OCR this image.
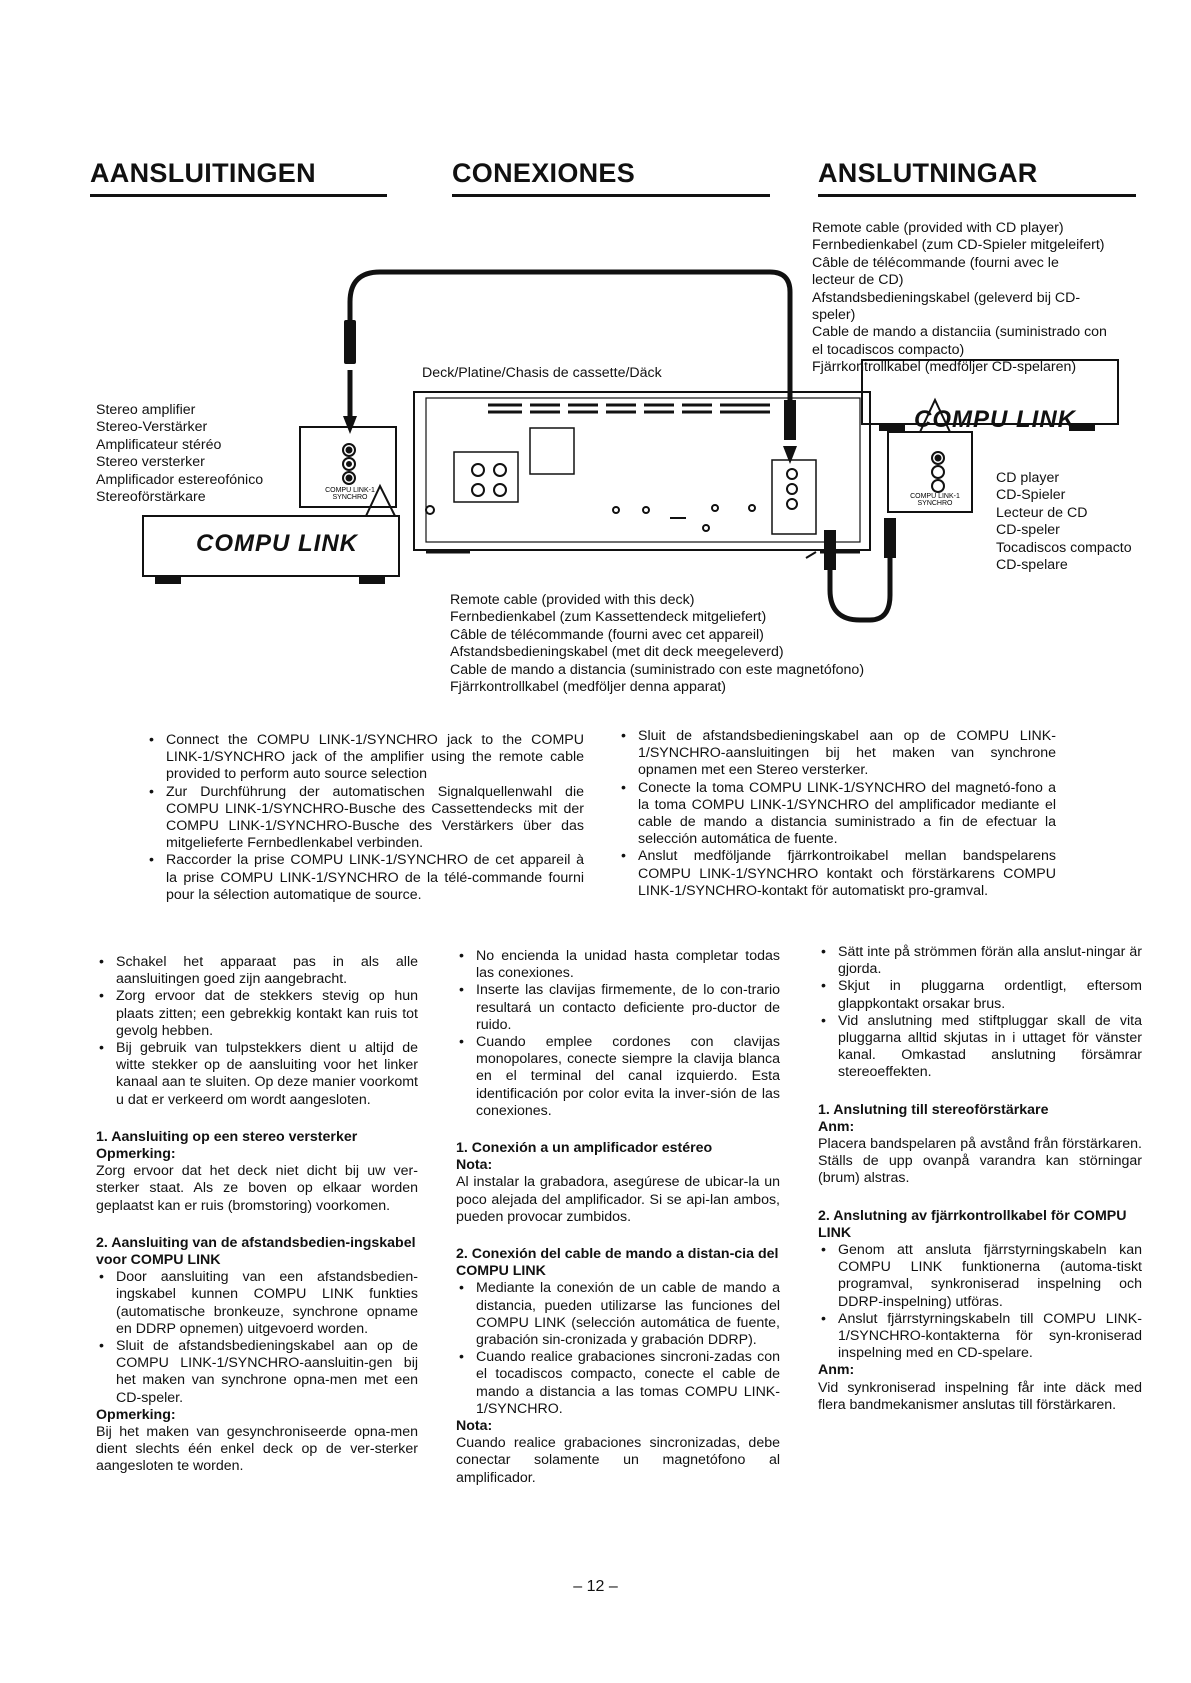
AANSLUITINGEN	CONEXIONES	ANSLUTNINGAR
COMPU LINK-1
SYNCHRO	COMPU LINK-1
SYNCHRO
COMPU LINK
COMPU LINK
Remote cable (provided with CD player)
Fernbedienkabel (zum CD-Spieler mitgeleifert)
Câble de télécommande (fourni avec le
lecteur de CD)
Afstandsbedieningskabel (geleverd bij CD-
speler)
Cable de mando a distanciia (suministrado con
el tocadiscos compacto)
Fjärrkontrollkabel (medföljer CD-spelaren)
Deck/Platine/Chasis de cassette/Däck
Stereo amplifier
Stereo-Verstärker
Amplificateur stéréo
Stereo versterker
Amplificador estereofónico
Stereoförstärkare
CD player
CD-Spieler
Lecteur de CD
CD-speler
Tocadiscos compacto
CD-spelare
Remote cable (provided with this deck)
Fernbedienkabel (zum Kassettendeck mitgeliefert)
Câble de télécommande (fourni avec cet appareil)
Afstandsbedieningskabel (met dit deck meegeleverd)
Cable de mando a distancia (suministrado con este magnetófono)
Fjärrkontrollkabel (medföljer denna apparat)
• Connect the COMPU LINK-1/SYNCHRO jack to the COMPU LINK-1/SYNCHRO jack of the amplifier using the remote cable provided to perform auto source selection
• Zur Durchführung der automatischen Signalquellenwahl die COMPU LINK-1/SYNCHRO-Busche des Cassettendecks mit der COMPU LINK-1/SYNCHRO-Busche des Verstärkers über das mitgelieferte Fernbedlenkabel verbinden.
• Raccorder la prise COMPU LINK-1/SYNCHRO de cet appareil à la prise COMPU LINK-1/SYNCHRO de la télé-commande fourni pour la sélection automatique de source.
• Sluit de afstandsbedieningskabel aan op de COMPU LINK-1/SYNCHRO-aansluitingen bij het maken van synchrone opnamen met een Stereo versterker.
• Conecte la toma COMPU LINK-1/SYNCHRO del magnetó-fono a la toma COMPU LINK-1/SYNCHRO del amplificador mediante el cable de mando a distancia suministrado a fin de efectuar la selección automática de fuente.
• Anslut medföljande fjärrkontroikabel mellan bandspelarens COMPU LINK-1/SYNCHRO kontakt och förstärkarens COMPU LINK-1/SYNCHRO-kontakt för automatiskt pro-gramval.
• Schakel het apparaat pas in als alle aansluitingen goed zijn aangebracht.
• Zorg ervoor dat de stekkers stevig op hun plaats zitten; een gebrekkig kontakt kan ruis tot gevolg hebben.
• Bij gebruik van tulpstekkers dient u altijd de witte stekker op de aansluiting voor het linker kanaal aan te sluiten. Op deze manier voorkomt u dat er verkeerd om wordt aangesloten.
1. Aansluiting op een stereo versterker
Opmerking:

Zorg ervoor dat het deck niet dicht bij uw ver-sterker staat. Als ze boven op elkaar worden geplaatst kan er ruis (bromstoring) voorkomen.

2. Aansluiting van de afstandsbedien-ingskabel voor COMPU LINK
• Door aansluiting van een afstandsbedien-ingskabel kunnen COMPU LINK funkties (automatische bronkeuze, synchrone opname en DDRP opnemen) uitgevoerd worden.
• Sluit de afstandsbedieningskabel aan op de COMPU LINK-1/SYNCHRO-aansluitin-gen bij het maken van synchrone opna-men met een CD-speler.
Opmerking:

Bij het maken van gesynchroniseerde opna-men dient slechts één enkel deck op de ver-sterker aangesloten te worden.

• No encienda la unidad hasta completar todas las conexiones.
• Inserte las clavijas firmemente, de lo con-trario resultará un contacto deficiente pro-ductor de ruido.
• Cuando emplee cordones con clavijas monopolares, conecte siempre la clavija blanca en el terminal del canal izquierdo. Esta identificación por color evita la inver-sión de las conexiones.
1. Conexión a un amplificador estéreo
Nota:

Al instalar la grabadora, asegúrese de ubicar-la un poco alejada del amplificador. Si se api-lan ambos, pueden provocar zumbidos.

2. Conexión del cable de mando a distan-cia del COMPU LINK
• Mediante la conexión de un cable de mando a distancia, pueden utilizarse las funciones del COMPU LINK (selección automática de fuente, grabación sin-cronizada y grabación DDRP).
• Cuando realice grabaciones sincroni-zadas con el tocadiscos compacto, conecte el cable de mando a distancia a las tomas COMPU LINK-1/SYNCHRO.
Nota:

Cuando realice grabaciones sincronizadas, debe conectar solamente un magnetófono al amplificador.

• Sätt inte på strömmen förän alla anslut-ningar är gjorda.
• Skjut in pluggarna ordentligt, eftersom glappkontakt orsakar brus.
• Vid anslutning med stiftpluggar skall de vita pluggarna alltid skjutas in i uttaget för vänster kanal. Omkastad anslutning försämrar stereoeffekten.
1. Anslutning till stereoförstärkare
Anm:

Placera bandspelaren på avstånd från förstärkaren. Ställs de upp ovanpå varandra kan störningar (brum) alstras.

2. Anslutning av fjärrkontrollkabel för COMPU LINK
• Genom att ansluta fjärrstyrningskabeln kan COMPU LINK funktionerna (automa-tiskt programval, synkroniserad inspelning och DDRP-inspelning) utföras.
• Anslut fjärrstyrningskabeln till COMPU LINK-1/SYNCHRO-kontakterna för syn-kroniserad inspelning med en CD-spelare.
Anm:

Vid synkroniserad inspelning får inte däck med flera bandmekanismer anslutas till förstärkaren.

– 12 –
